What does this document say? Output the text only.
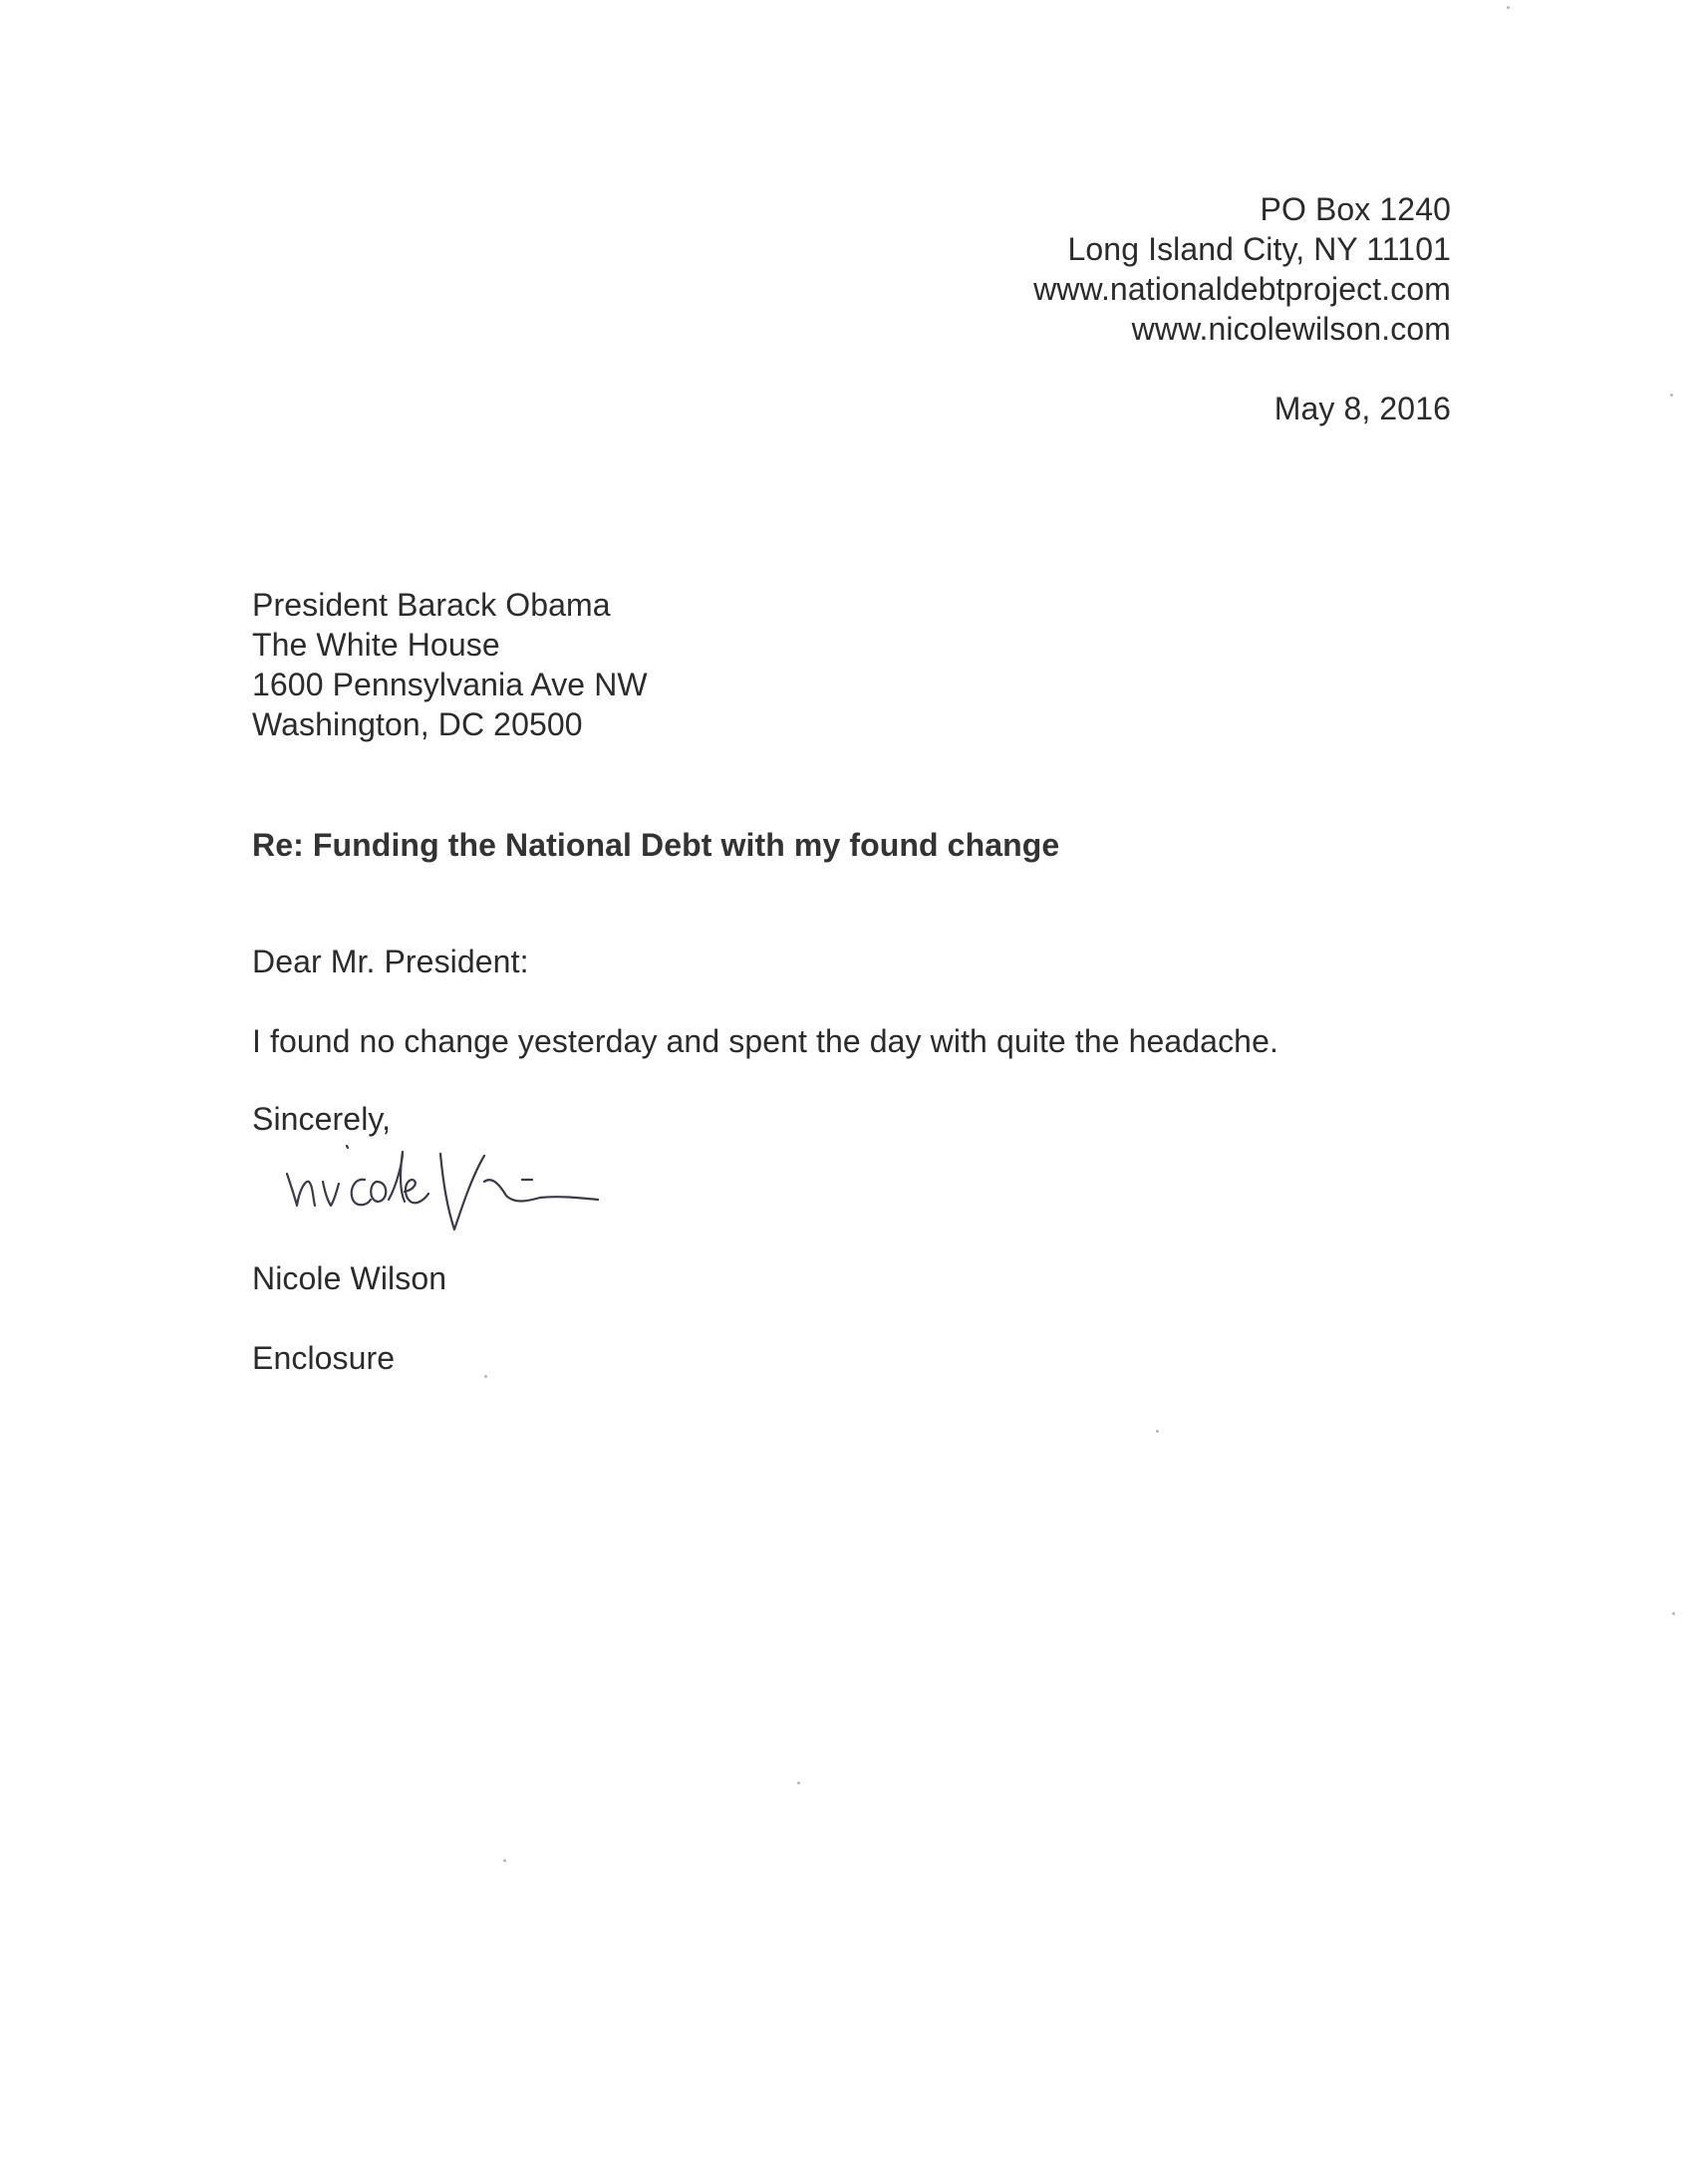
PO Box 1240
Long Island City, NY 11101
www.nationaldebtproject.com
www.nicolewilson.com
May 8, 2016
President Barack Obama
The White House
1600 Pennsylvania Ave NW
Washington, DC 20500
Re: Funding the National Debt with my found change
Dear Mr. President:
I found no change yesterday and spent the day with quite the headache.
Sincerely,
Nicole Wilson
Enclosure
